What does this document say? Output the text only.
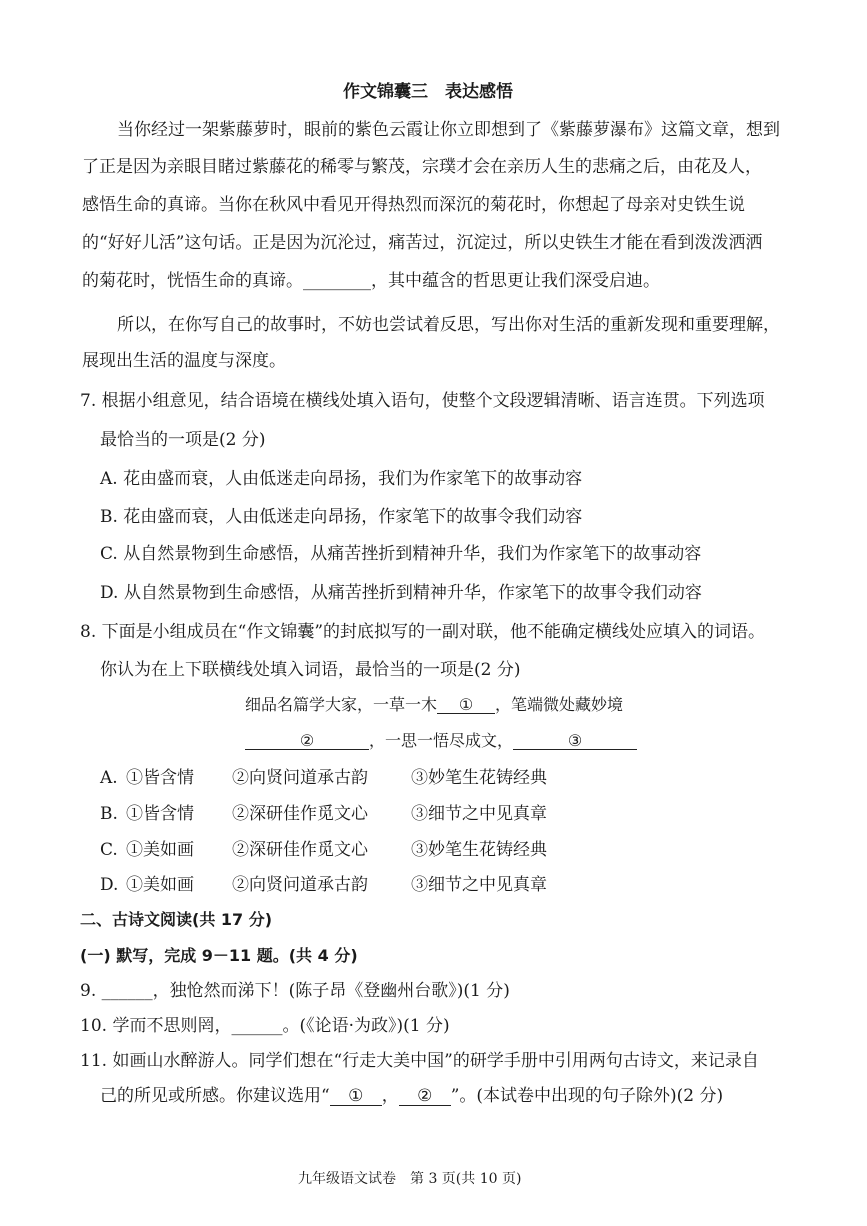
作文锦囊三　表达感悟
当你经过一架紫藤萝时，眼前的紫色云霞让你立即想到了《紫藤萝瀑布》这篇文章，想到
了正是因为亲眼目睹过紫藤花的稀零与繁茂，宗璞才会在亲历人生的悲痛之后，由花及人，
感悟生命的真谛。当你在秋风中看见开得热烈而深沉的菊花时，你想起了母亲对史铁生说
的“好好儿活”这句话。正是因为沉沦过，痛苦过，沉淀过，所以史铁生才能在看到泼泼洒洒
的菊花时，恍悟生命的真谛。________，其中蕴含的哲思更让我们深受启迪。
所以，在你写自己的故事时，不妨也尝试着反思，写出你对生活的重新发现和重要理解，
展现出生活的温度与深度。
7. 根据小组意见，结合语境在横线处填入语句，使整个文段逻辑清晰、语言连贯。下列选项
最恰当的一项是(2 分)
A. 花由盛而衰，人由低迷走向昂扬，我们为作家笔下的故事动容
B. 花由盛而衰，人由低迷走向昂扬，作家笔下的故事令我们动容
C. 从自然景物到生命感悟，从痛苦挫折到精神升华，我们为作家笔下的故事动容
D. 从自然景物到生命感悟，从痛苦挫折到精神升华，作家笔下的故事令我们动容
8. 下面是小组成员在“作文锦囊”的封底拟写的一副对联，他不能确定横线处应填入的词语。
你认为在上下联横线处填入词语，最恰当的一项是(2 分)
细品名篇学大家，一草一木 ① ，笔端微处藏妙境
②	，一思一悟尽成文，	③
A. ①皆含情 ②向贤问道承古韵	③妙笔生花铸经典
B. ①皆含情 ②深研佳作觅文心	③细节之中见真章
C. ①美如画 ②深研佳作觅文心	③妙笔生花铸经典
D. ①美如画 ②向贤问道承古韵	③细节之中见真章
二、古诗文阅读(共 17 分)
(一) 默写，完成 9－11 题。(共 4 分)
9. ______，独怆然而涕下！(陈子昂《登幽州台歌》)(1 分)
10. 学而不思则罔，______。(《论语·为政》)(1 分)
11. 如画山水醉游人。同学们想在“行走大美中国”的研学手册中引用两句古诗文，来记录自
己的所见或所感。你建议选用“ ① ， ② ”。(本试卷中出现的句子除外)(2 分)
九年级语文试卷　第 3 页(共 10 页)
